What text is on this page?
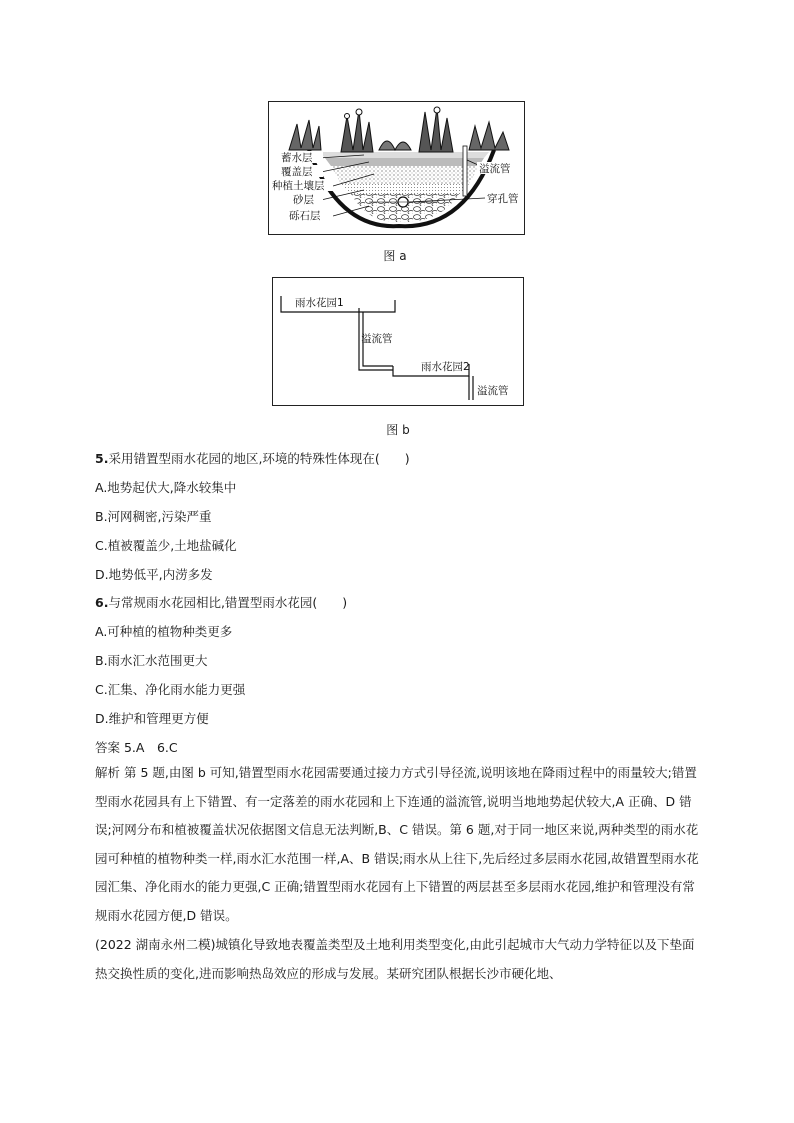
蓄水层
覆盖层
种植土壤层
砂层
砾石层
溢流管
穿孔管
图 a
雨水花园1
溢流管
雨水花园2
溢流管
图 b
5.采用错置型雨水花园的地区,环境的特殊性体现在(　　)
A.地势起伏大,降水较集中
B.河网稠密,污染严重
C.植被覆盖少,土地盐碱化
D.地势低平,内涝多发
6.与常规雨水花园相比,错置型雨水花园(　　)
A.可种植的植物种类更多
B.雨水汇水范围更大
C.汇集、净化雨水能力更强
D.维护和管理更方便
答案 5.A　6.C
解析 第 5 题,由图 b 可知,错置型雨水花园需要通过接力方式引导径流,说明该地在降雨过程中的雨量较大;错置型雨水花园具有上下错置、有一定落差的雨水花园和上下连通的溢流管,说明当地地势起伏较大,A 正确、D 错误;河网分布和植被覆盖状况依据图文信息无法判断,B、C 错误。第 6 题,对于同一地区来说,两种类型的雨水花园可种植的植物种类一样,雨水汇水范围一样,A、B 错误;雨水从上往下,先后经过多层雨水花园,故错置型雨水花园汇集、净化雨水的能力更强,C 正确;错置型雨水花园有上下错置的两层甚至多层雨水花园,维护和管理没有常规雨水花园方便,D 错误。
(2022 湖南永州二模)城镇化导致地表覆盖类型及土地利用类型变化,由此引起城市大气动力学特征以及下垫面热交换性质的变化,进而影响热岛效应的形成与发展。某研究团队根据长沙市硬化地、
